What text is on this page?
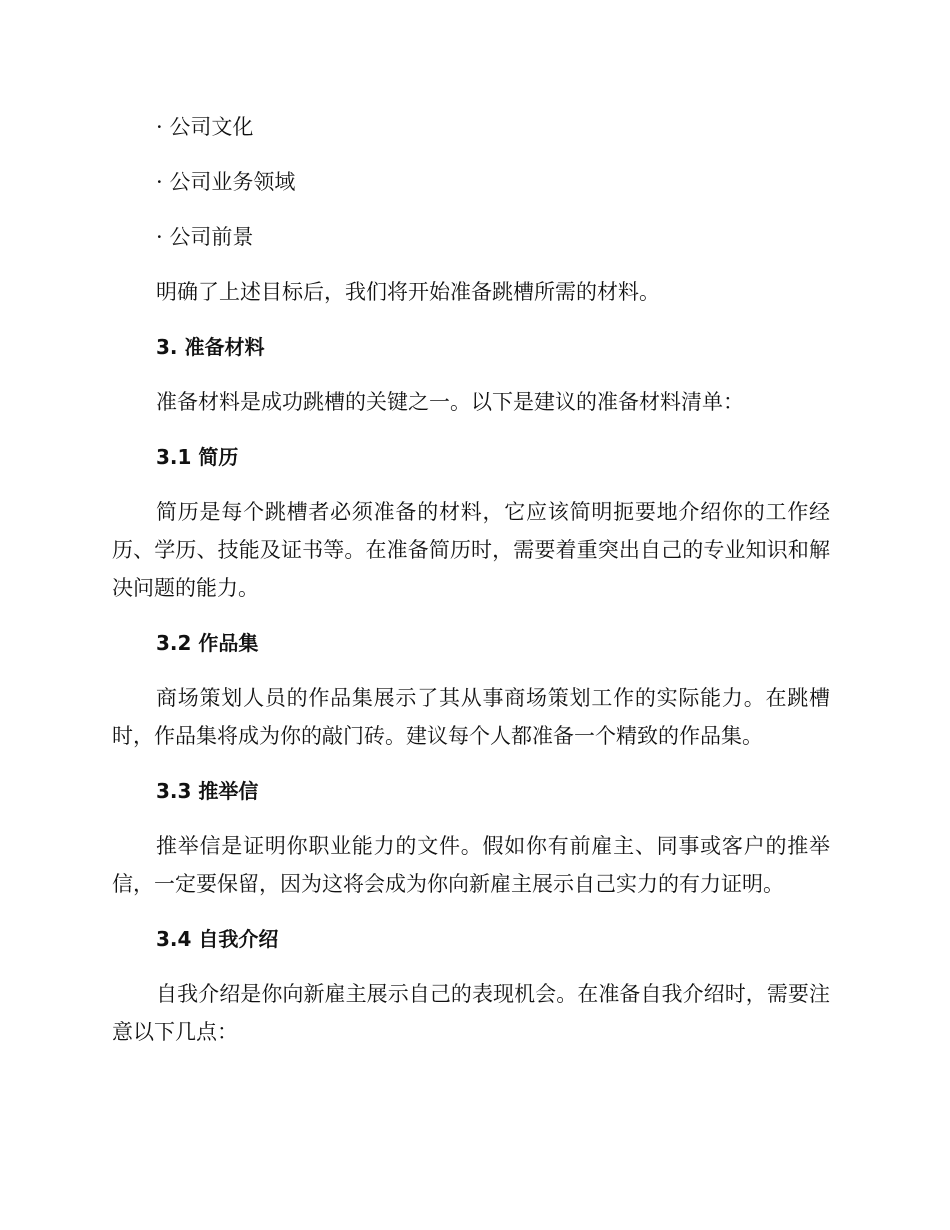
· 公司文化

· 公司业务领域

· 公司前景

明确了上述目标后，我们将开始准备跳槽所需的材料。

3. 准备材料

准备材料是成功跳槽的关键之一。以下是建议的准备材料清单：

3.1 简历

简历是每个跳槽者必须准备的材料，它应该简明扼要地介绍你的工作经历、学历、技能及证书等。在准备简历时，需要着重突出自己的专业知识和解决问题的能力。

3.2 作品集

商场策划人员的作品集展示了其从事商场策划工作的实际能力。在跳槽时，作品集将成为你的敲门砖。建议每个人都准备一个精致的作品集。

3.3 推举信

推举信是证明你职业能力的文件。假如你有前雇主、同事或客户的推举信，一定要保留，因为这将会成为你向新雇主展示自己实力的有力证明。

3.4 自我介绍

自我介绍是你向新雇主展示自己的表现机会。在准备自我介绍时，需要注意以下几点：
